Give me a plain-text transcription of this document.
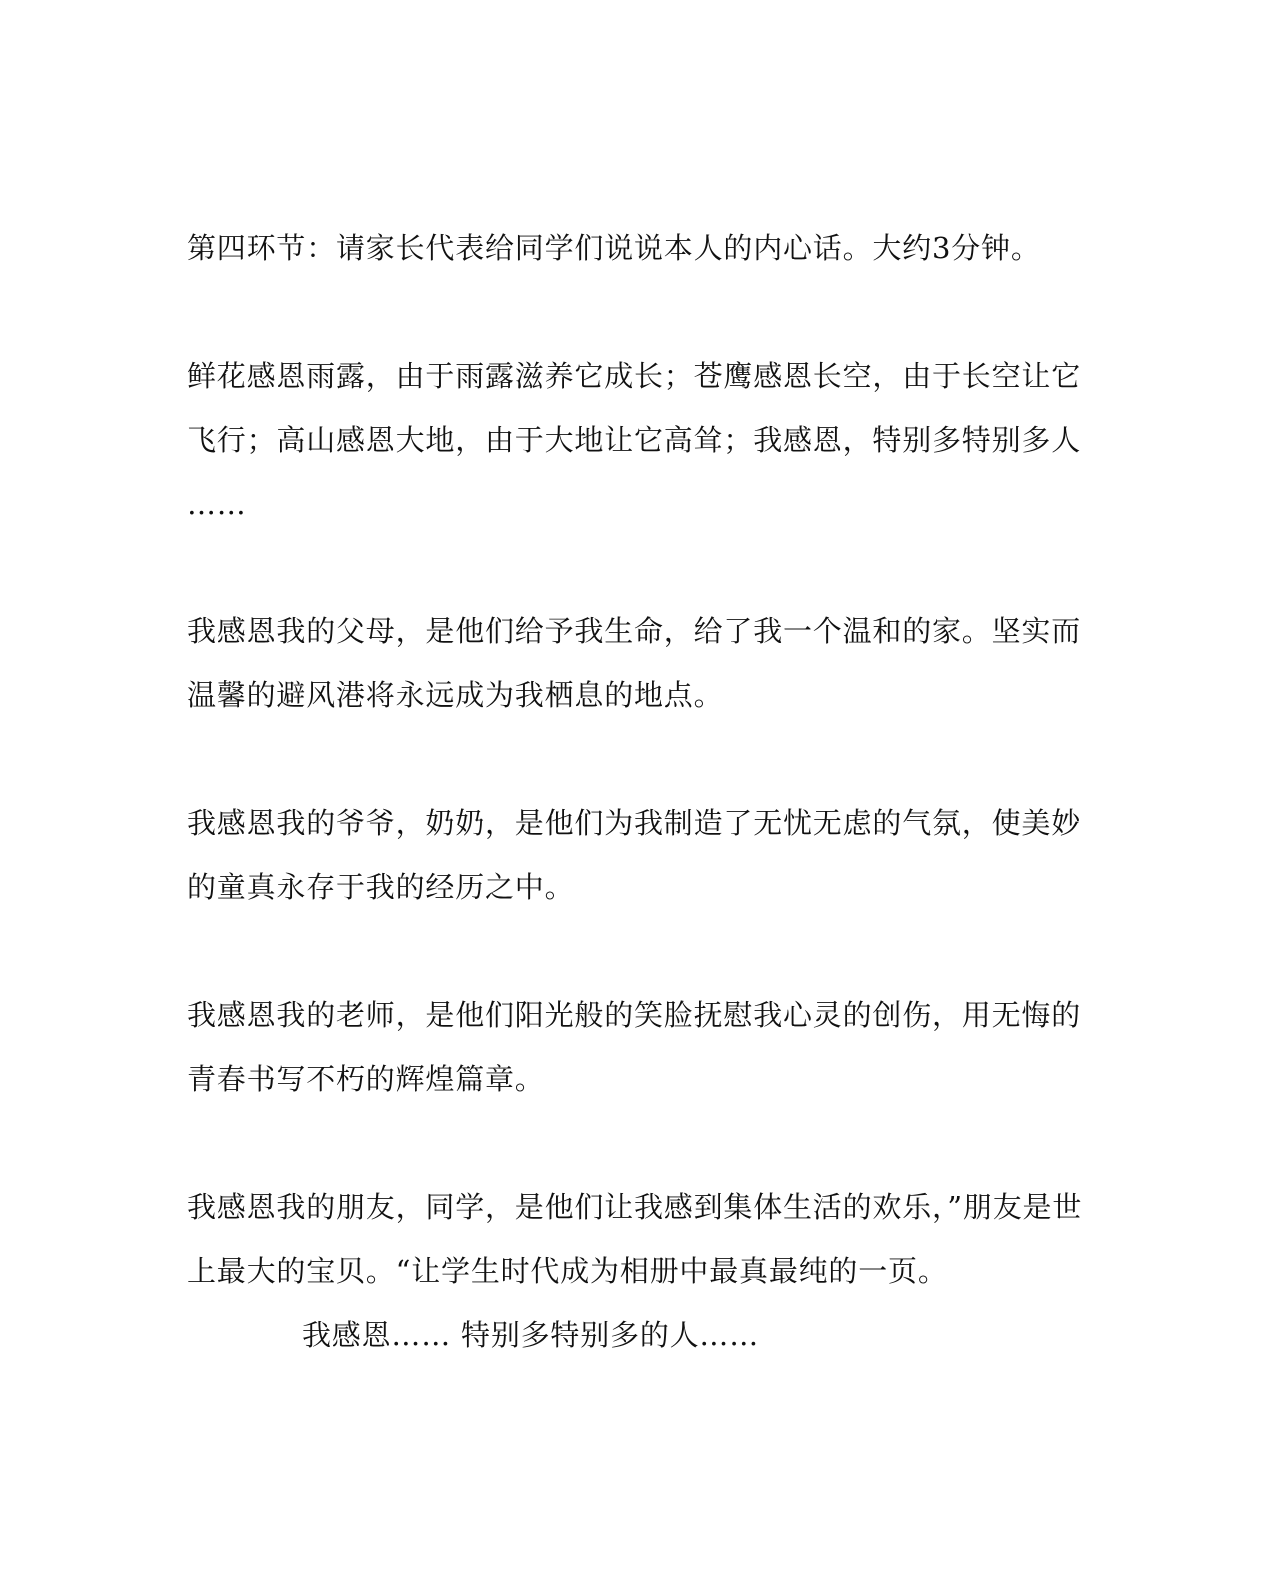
第四环节：请家长代表给同学们说说本人的内心话。大约3分钟。
鲜花感恩雨露，由于雨露滋养它成长；苍鹰感恩长空，由于长空让它
飞行；高山感恩大地，由于大地让它高耸；我感恩，特别多特别多人
……
我感恩我的父母，是他们给予我生命，给了我一个温和的家。坚实而
温馨的避风港将永远成为我栖息的地点。
我感恩我的爷爷，奶奶，是他们为我制造了无忧无虑的气氛，使美妙
的童真永存于我的经历之中。
我感恩我的老师，是他们阳光般的笑脸抚慰我心灵的创伤，用无悔的
青春书写不朽的辉煌篇章。
我感恩我的朋友，同学，是他们让我感到集体生活的欢乐，”朋友是世
上最大的宝贝。“让学生时代成为相册中最真最纯的一页。
我感恩…… 特别多特别多的人……
